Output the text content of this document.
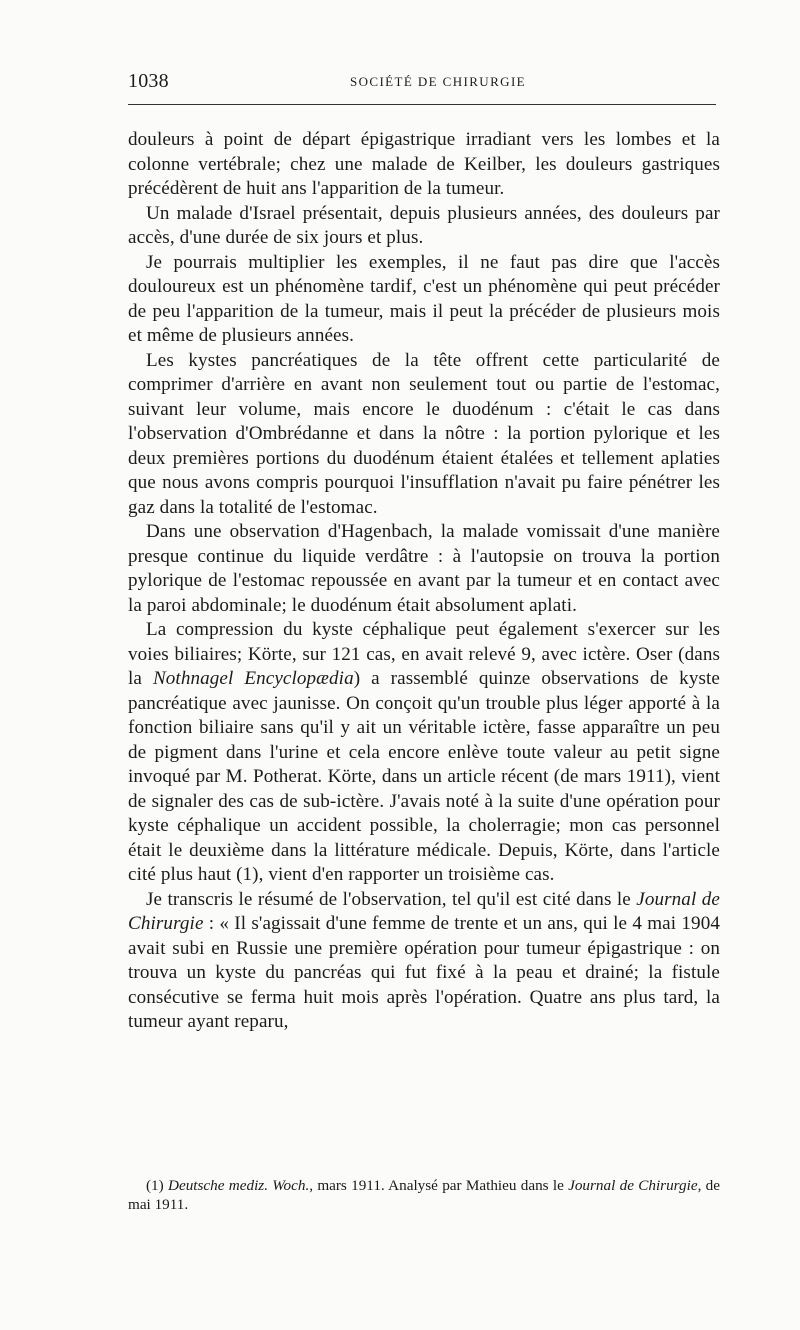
1038	SOCIÉTÉ DE CHIRURGIE

douleurs à point de départ épigastrique irradiant vers les lombes et la colonne vertébrale; chez une malade de Keilber, les douleurs gastriques précédèrent de huit ans l'apparition de la tumeur.

Un malade d'Israel présentait, depuis plusieurs années, des douleurs par accès, d'une durée de six jours et plus.

Je pourrais multiplier les exemples, il ne faut pas dire que l'accès douloureux est un phénomène tardif, c'est un phénomène qui peut précéder de peu l'apparition de la tumeur, mais il peut la précéder de plusieurs mois et même de plusieurs années.

Les kystes pancréatiques de la tête offrent cette particularité de comprimer d'arrière en avant non seulement tout ou partie de l'estomac, suivant leur volume, mais encore le duodénum : c'était le cas dans l'observation d'Ombrédanne et dans la nôtre : la portion pylorique et les deux premières portions du duodénum étaient étalées et tellement aplaties que nous avons compris pourquoi l'insufflation n'avait pu faire pénétrer les gaz dans la totalité de l'estomac.

Dans une observation d'Hagenbach, la malade vomissait d'une manière presque continue du liquide verdâtre : à l'autopsie on trouva la portion pylorique de l'estomac repoussée en avant par la tumeur et en contact avec la paroi abdominale; le duodénum était absolument aplati.

La compression du kyste céphalique peut également s'exercer sur les voies biliaires; Körte, sur 121 cas, en avait relevé 9, avec ictère. Oser (dans la Nothnagel Encyclopædia) a rassemblé quinze observations de kyste pancréatique avec jaunisse. On conçoit qu'un trouble plus léger apporté à la fonction biliaire sans qu'il y ait un véritable ictère, fasse apparaître un peu de pigment dans l'urine et cela encore enlève toute valeur au petit signe invoqué par M. Potherat. Körte, dans un article récent (de mars 1911), vient de signaler des cas de sub-ictère. J'avais noté à la suite d'une opération pour kyste céphalique un accident possible, la cholerragie; mon cas personnel était le deuxième dans la littérature médicale. Depuis, Körte, dans l'article cité plus haut (1), vient d'en rapporter un troisième cas.

Je transcris le résumé de l'observation, tel qu'il est cité dans le Journal de Chirurgie : « Il s'agissait d'une femme de trente et un ans, qui le 4 mai 1904 avait subi en Russie une première opération pour tumeur épigastrique : on trouva un kyste du pancréas qui fut fixé à la peau et drainé; la fistule consécutive se ferma huit mois après l'opération. Quatre ans plus tard, la tumeur ayant reparu,

(1) Deutsche mediz. Woch., mars 1911. Analysé par Mathieu dans le Journal de Chirurgie, de mai 1911.
